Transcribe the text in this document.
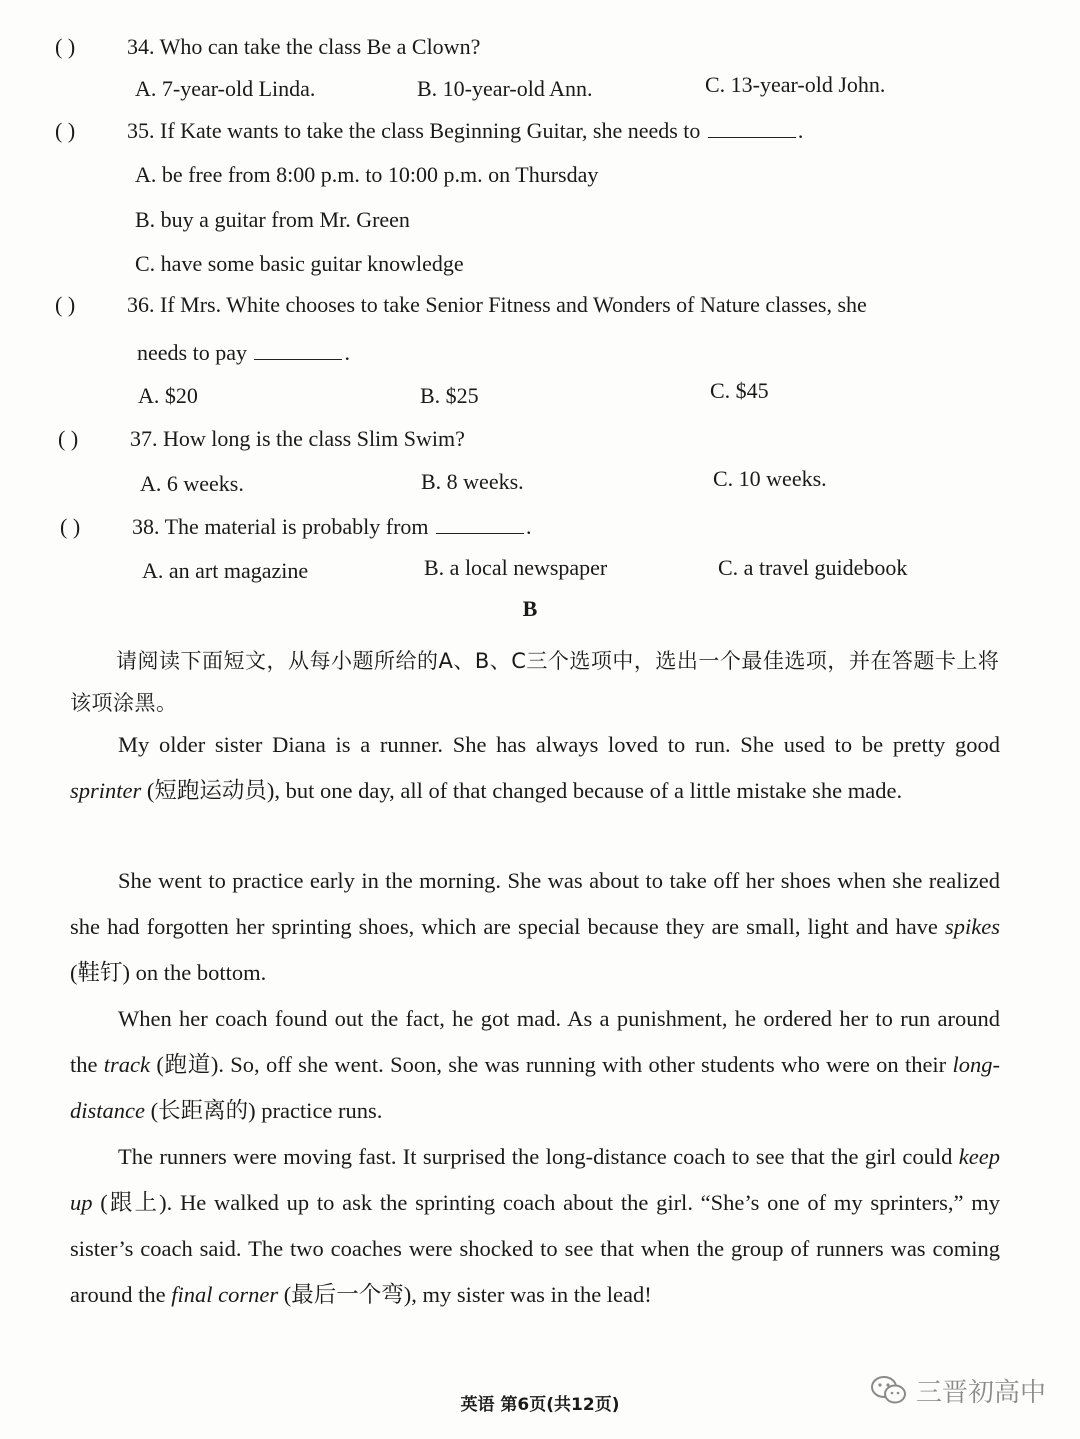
( ) 34. Who can take the class Be a Clown?
A. 7-year-old Linda.	B. 10-year-old Ann.	C. 13-year-old John.
( ) 35. If Kate wants to take the class Beginning Guitar, she needs to	.
A. be free from 8:00 p.m. to 10:00 p.m. on Thursday
B. buy a guitar from Mr. Green
C. have some basic guitar knowledge
( ) 36. If Mrs. White chooses to take Senior Fitness and Wonders of Nature classes, she
needs to pay	.
A. $20	B. $25	C. $45
( ) 37. How long is the class Slim Swim?
A. 6 weeks.	B. 8 weeks.	C. 10 weeks.
( ) 38. The material is probably from	.
A. an art magazine	B. a local newspaper	C. a travel guidebook
B
请阅读下面短文，从每小题所给的A、B、C三个选项中，选出一个最佳选项，并在答题卡上将该项涂黑。
My older sister Diana is a runner. She has always loved to run. She used to be pretty good sprinter (短跑运动员), but one day, all of that changed because of a little mistake she made.
She went to practice early in the morning. She was about to take off her shoes when she realized she had forgotten her sprinting shoes, which are special because they are small, light and have spikes (鞋钉) on the bottom.
When her coach found out the fact, he got mad. As a punishment, he ordered her to run around the track (跑道). So, off she went. Soon, she was running with other students who were on their long-distance (长距离的) practice runs.
The runners were moving fast. It surprised the long-distance coach to see that the girl could keep up (跟上). He walked up to ask the sprinting coach about the girl. “She’s one of my sprinters,” my sister’s coach said. The two coaches were shocked to see that when the group of runners was coming around the final corner (最后一个弯), my sister was in the lead!
英语 第6页(共12页)	三晋初高中
